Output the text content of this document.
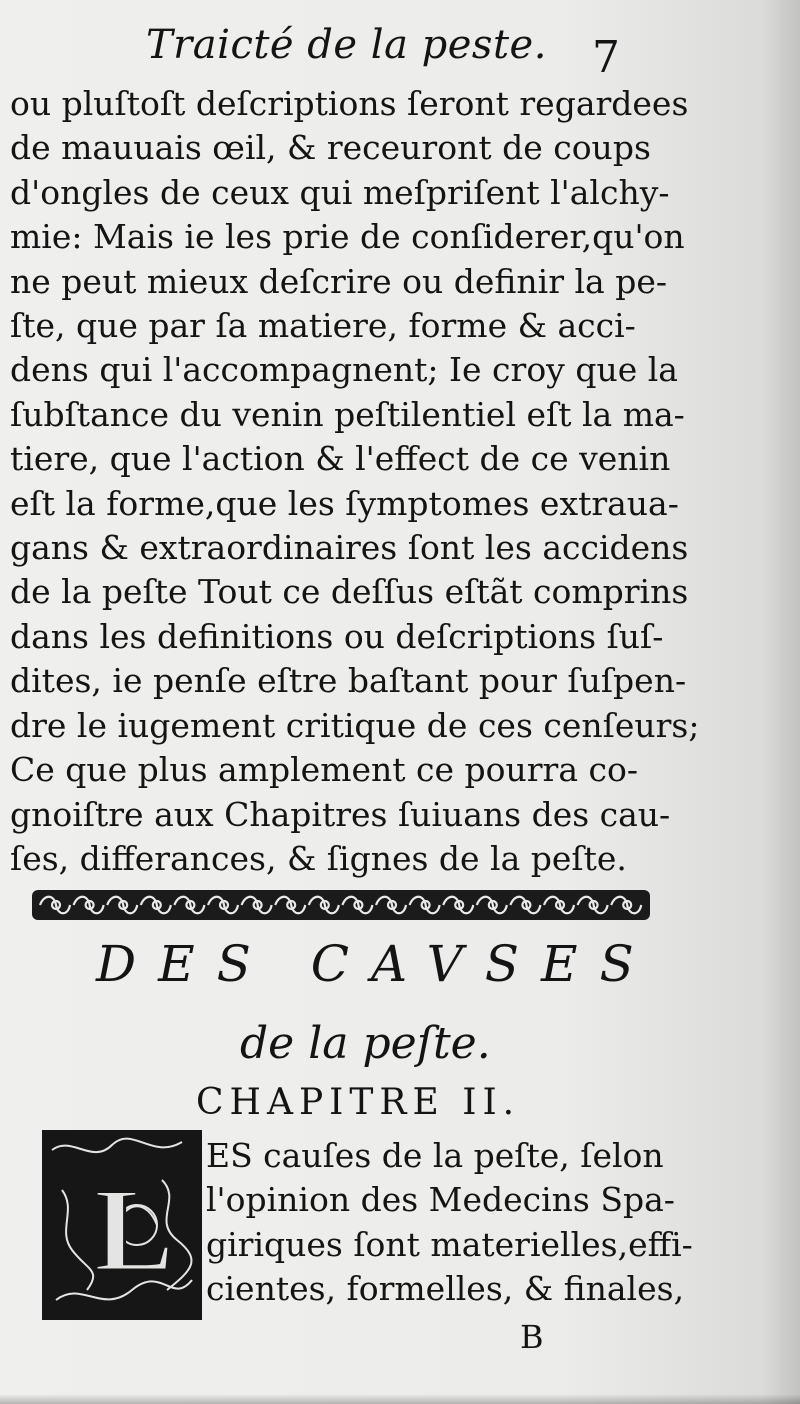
Traicté de la peste. 7
ou pluſtoſt deſcriptions ſeront regardees
de mauuais œil, & receuront de coups
d'ongles de ceux qui meſpriſent l'alchy-
mie: Mais ie les prie de conſiderer,qu'on
ne peut mieux deſcrire ou definir la pe-
ſte, que par ſa matiere, forme & acci-
dens qui l'accompagnent; Ie croy que la
ſubſtance du venin peſtilentiel eſt la ma-
tiere, que l'action & l'effect de ce venin
eſt la forme,que les ſymptomes extraua-
gans & extraordinaires ſont les accidens
de la peſte Tout ce deſſus eſtãt comprins
dans les definitions ou deſcriptions ſuſ-
dites, ie penſe eſtre baſtant pour ſuſpen-
dre le iugement critique de ces cenſeurs;
Ce que plus amplement ce pourra co-
gnoiſtre aux Chapitres ſuiuans des cau-
ſes, differances, & ſignes de la peſte.
DES CAVSES
de la peſte.
CHAPITRE II.
L
ES cauſes de la peſte, ſelon
l'opinion des Medecins Spa-
giriques ſont materielles,effi-
cientes, formelles, & finales,
B
